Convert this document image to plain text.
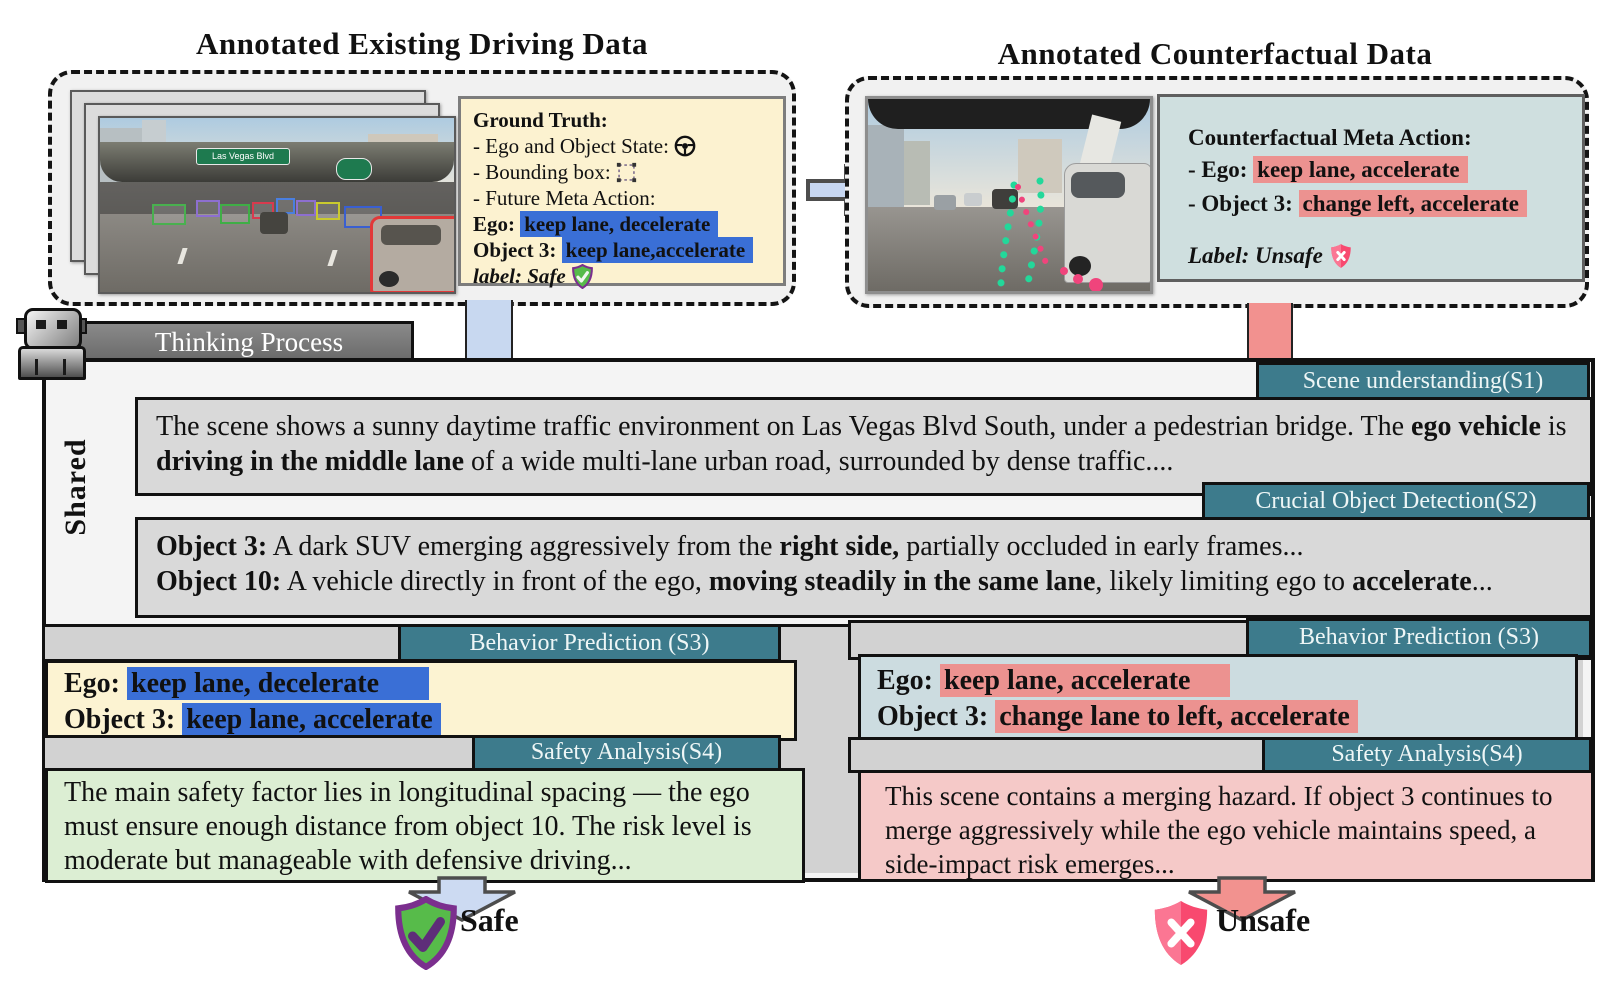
Annotated Existing Driving Data	Annotated Counterfactual Data
Las Vegas Blvd
Ground Truth:
- Ego and Object State:
- Bounding box:
- Future Meta Action:
Ego: keep lane, decelerate
Object 3: keep lane,accelerate
label: Safe
Counterfactual Meta Action:
- Ego: keep lane, accelerate
- Object 3: change left, accelerate
Label: Unsafe
Thinking Process
Shared
Scene understanding(S1)
The scene shows a sunny daytime traffic environment on Las Vegas Blvd South, under a pedestrian bridge. The ego vehicle is driving in the middle lane of a wide multi-lane urban road, surrounded by dense traffic....
Crucial Object Detection(S2)
Object 3: A dark SUV emerging aggressively from the right side, partially occluded in early frames...
Object 10: A vehicle directly in front of the ego, moving steadily in the same lane, likely limiting ego to accelerate...
Behavior Prediction (S3)
Ego: keep lane, decelerate
Object 3: keep lane, accelerate
Safety Analysis(S4)
The main safety factor lies in longitudinal spacing — the ego must ensure enough distance from object 10. The risk level is moderate but manageable with defensive driving...
Behavior Prediction (S3)
Ego: keep lane, accelerate
Object 3: change lane to left, accelerate
Safety Analysis(S4)
This scene contains a merging hazard. If object 3 continues to merge aggressively while the ego vehicle maintains speed, a side-impact risk emerges...
Safe	Unsafe
